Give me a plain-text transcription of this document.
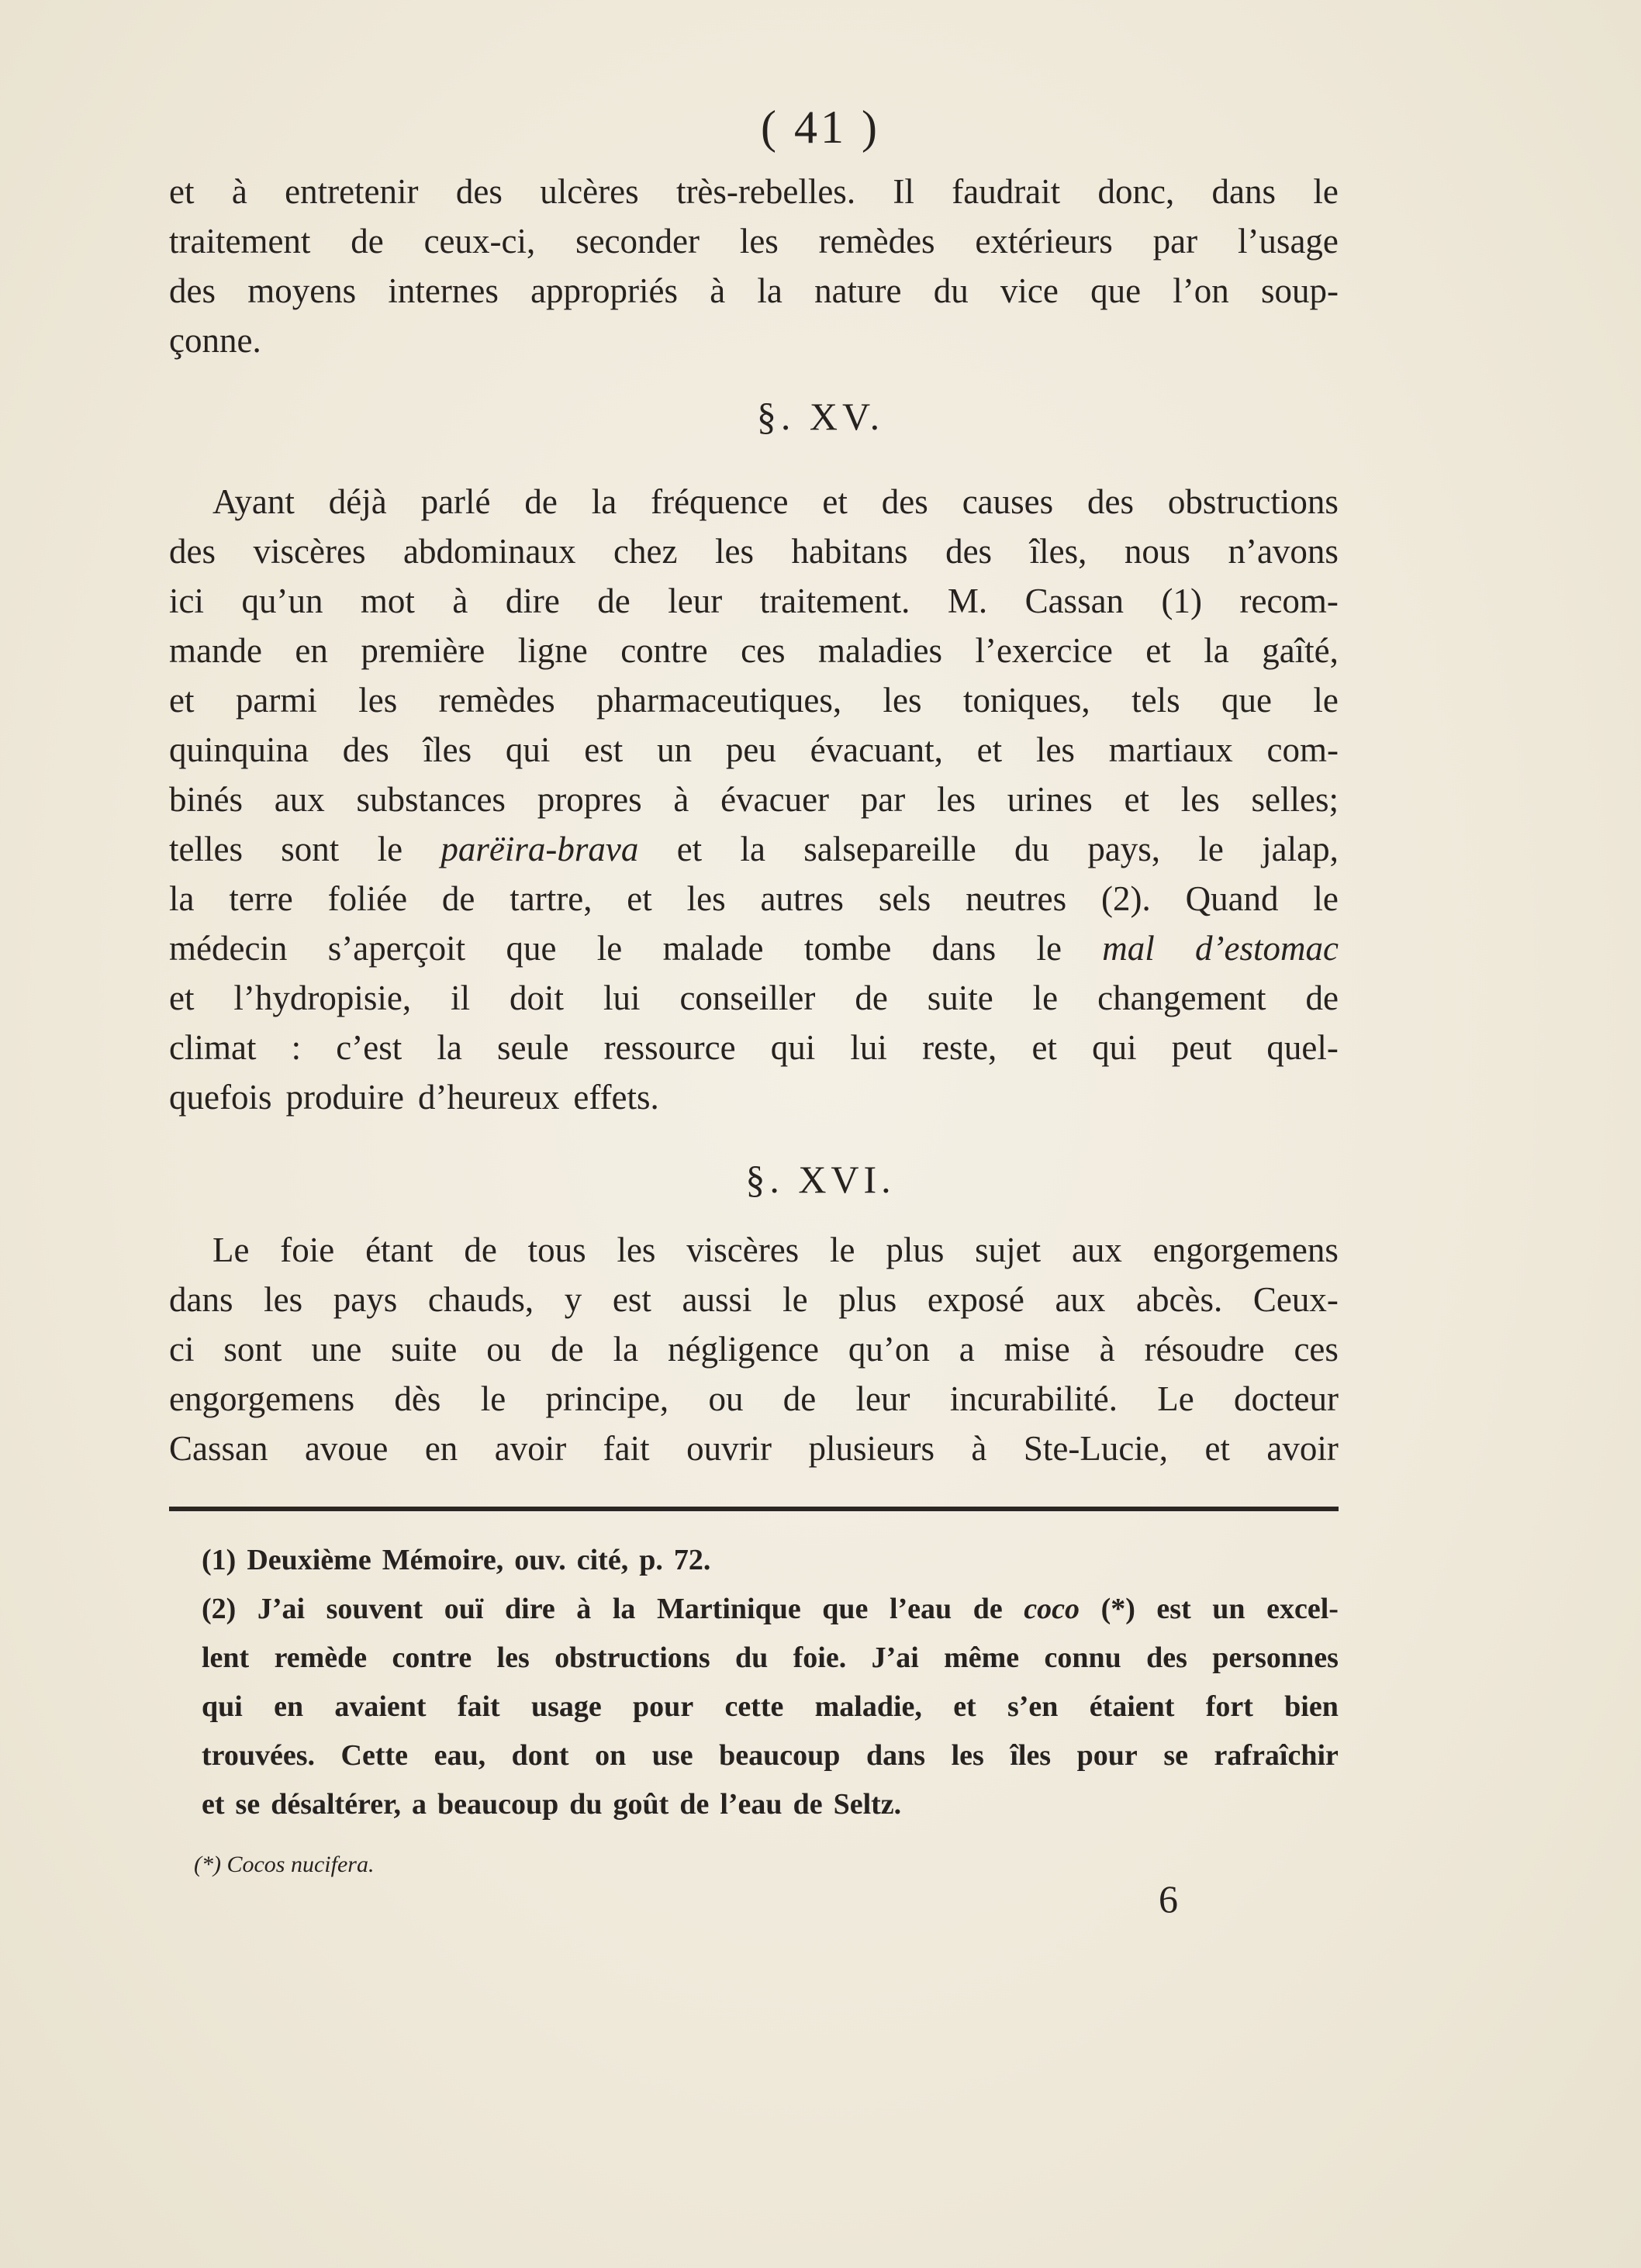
( 41 )
et à entretenir des ulcères très-rebelles. Il faudrait donc, dans le
traitement de ceux-ci, seconder les remèdes extérieurs par l’usage
des moyens internes appropriés à la nature du vice que l’on soup-
çonne.
§. XV.
Ayant déjà parlé de la fréquence et des causes des obstructions
des viscères abdominaux chez les habitans des îles, nous n’avons
ici qu’un mot à dire de leur traitement. M. Cassan (1) recom-
mande en première ligne contre ces maladies l’exercice et la gaîté,
et parmi les remèdes pharmaceutiques, les toniques, tels que le
quinquina des îles qui est un peu évacuant, et les martiaux com-
binés aux substances propres à évacuer par les urines et les selles;
telles sont le parëira-brava et la salsepareille du pays, le jalap,
la terre foliée de tartre, et les autres sels neutres (2). Quand le
médecin s’aperçoit que le malade tombe dans le mal d’estomac
et l’hydropisie, il doit lui conseiller de suite le changement de
climat : c’est la seule ressource qui lui reste, et qui peut quel-
quefois produire d’heureux effets.
§. XVI.
Le foie étant de tous les viscères le plus sujet aux engorgemens
dans les pays chauds, y est aussi le plus exposé aux abcès. Ceux-
ci sont une suite ou de la négligence qu’on a mise à résoudre ces
engorgemens dès le principe, ou de leur incurabilité. Le docteur
Cassan avoue en avoir fait ouvrir plusieurs à Ste-Lucie, et avoir
(1) Deuxième Mémoire, ouv. cité, p. 72.
(2) J’ai souvent ouï dire à la Martinique que l’eau de coco (*) est un excel-
lent remède contre les obstructions du foie. J’ai même connu des personnes
qui en avaient fait usage pour cette maladie, et s’en étaient fort bien
trouvées. Cette eau, dont on use beaucoup dans les îles pour se rafraîchir
et se désaltérer, a beaucoup du goût de l’eau de Seltz.
(*) Cocos nucifera.
6
